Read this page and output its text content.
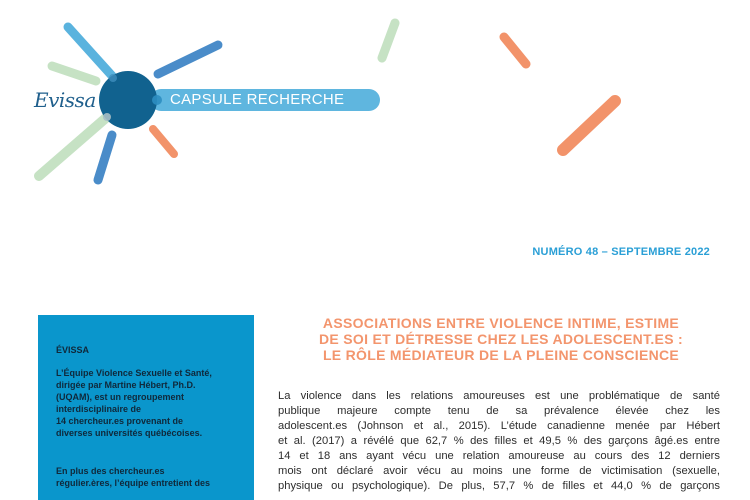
Evissa	CAPSULE RECHERCHE
NUMÉRO 48 – SEPTEMBRE 2022
ÉVISSA
L’Équipe Violence Sexuelle et Santé,
dirigée par Martine Hébert, Ph.D.
(UQAM), est un regroupement
interdisciplinaire de
14 chercheur.es provenant de
diverses universités québécoises.
En plus des chercheur.es
régulier.ères, l’équipe entretient des
ASSOCIATIONS ENTRE VIOLENCE INTIME, ESTIME
DE SOI ET DÉTRESSE CHEZ LES ADOLESCENT.ES :
LE RÔLE MÉDIATEUR DE LA PLEINE CONSCIENCE
La violence dans les relations amoureuses est une problématique de santé
publique majeure compte tenu de sa prévalence élevée chez les
adolescent.es (Johnson et al., 2015). L’étude canadienne menée par Hébert
et al. (2017) a révélé que 62,7 % des filles et 49,5 % des garçons âgé.es entre
14 et 18 ans ayant vécu une relation amoureuse au cours des 12 derniers
mois ont déclaré avoir vécu au moins une forme de victimisation (sexuelle,
physique ou psychologique). De plus, 57,7 % de filles et 44,0 % de garçons
